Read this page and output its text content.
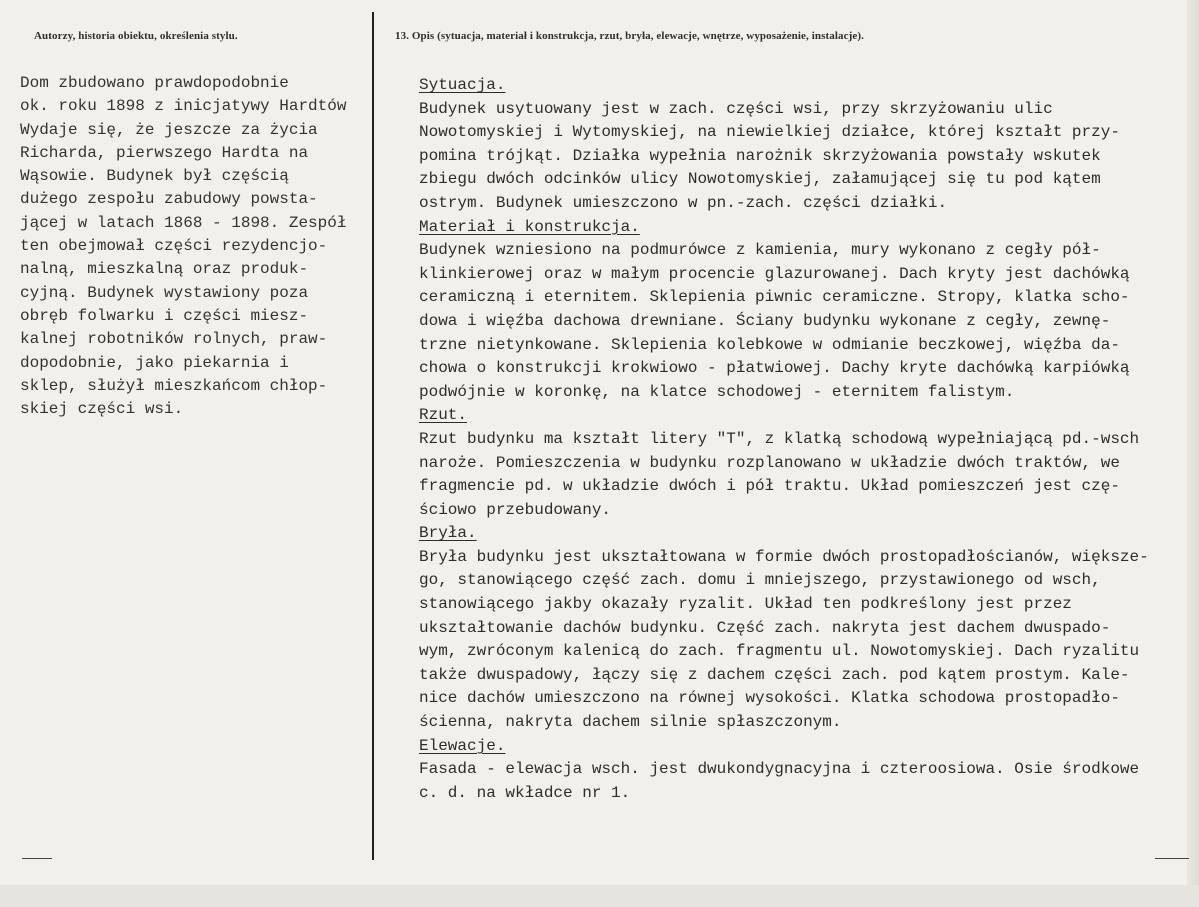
Autorzy, historia obiektu, określenia stylu.	13. Opis (sytuacja, materiał i konstrukcja, rzut, bryła, elewacje, wnętrze, wyposażenie, instalacje).
Dom zbudowano prawdopodobnie
ok. roku 1898 z inicjatywy Hardtów
Wydaje się, że jeszcze za życia
Richarda, pierwszego Hardta na
Wąsowie. Budynek był częścią
dużego zespołu zabudowy powsta-
jącej w latach 1868 - 1898. Zespół
ten obejmował części rezydencjo-
nalną, mieszkalną oraz produk-
cyjną. Budynek wystawiony poza
obręb folwarku i części miesz-
kalnej robotników rolnych, praw-
dopodobnie, jako piekarnia i
sklep, służył mieszkańcom chłop-
skiej części wsi.
Sytuacja.
Budynek usytuowany jest w zach. części wsi, przy skrzyżowaniu ulic
Nowotomyskiej i Wytomyskiej, na niewielkiej działce, której kształt przy-
pomina trójkąt. Działka wypełnia narożnik skrzyżowania powstały wskutek
zbiegu dwóch odcinków ulicy Nowotomyskiej, załamującej się tu pod kątem
ostrym. Budynek umieszczono w pn.-zach. części działki.
Materiał i konstrukcja.
Budynek wzniesiono na podmurówce z kamienia, mury wykonano z cegły pół-
klinkierowej oraz w małym procencie glazurowanej. Dach kryty jest dachówką
ceramiczną i eternitem. Sklepienia piwnic ceramiczne. Stropy, klatka scho-
dowa i więźba dachowa drewniane. Ściany budynku wykonane z cegły, zewnę-
trzne nietynkowane. Sklepienia kolebkowe w odmianie beczkowej, więźba da-
chowa o konstrukcji krokwiowo - płatwiowej. Dachy kryte dachówką karpiówką
podwójnie w koronkę, na klatce schodowej - eternitem falistym.
Rzut.
Rzut budynku ma kształt litery "T", z klatką schodową wypełniającą pd.-wsch
naroże. Pomieszczenia w budynku rozplanowano w układzie dwóch traktów, we
fragmencie pd. w układzie dwóch i pół traktu. Układ pomieszczeń jest czę-
ściowo przebudowany.
Bryła.
Bryła budynku jest ukształtowana w formie dwóch prostopadłościanów, większe-
go, stanowiącego część zach. domu i mniejszego, przystawionego od wsch,
stanowiącego jakby okazały ryzalit. Układ ten podkreślony jest przez
ukształtowanie dachów budynku. Część zach. nakryta jest dachem dwuspado-
wym, zwróconym kalenicą do zach. fragmentu ul. Nowotomyskiej. Dach ryzalitu
także dwuspadowy, łączy się z dachem części zach. pod kątem prostym. Kale-
nice dachów umieszczono na równej wysokości. Klatka schodowa prostopadło-
ścienna, nakryta dachem silnie spłaszczonym.
Elewacje.
Fasada - elewacja wsch. jest dwukondygnacyjna i czteroosiowa. Osie środkowe
c. d. na wkładce nr 1.
